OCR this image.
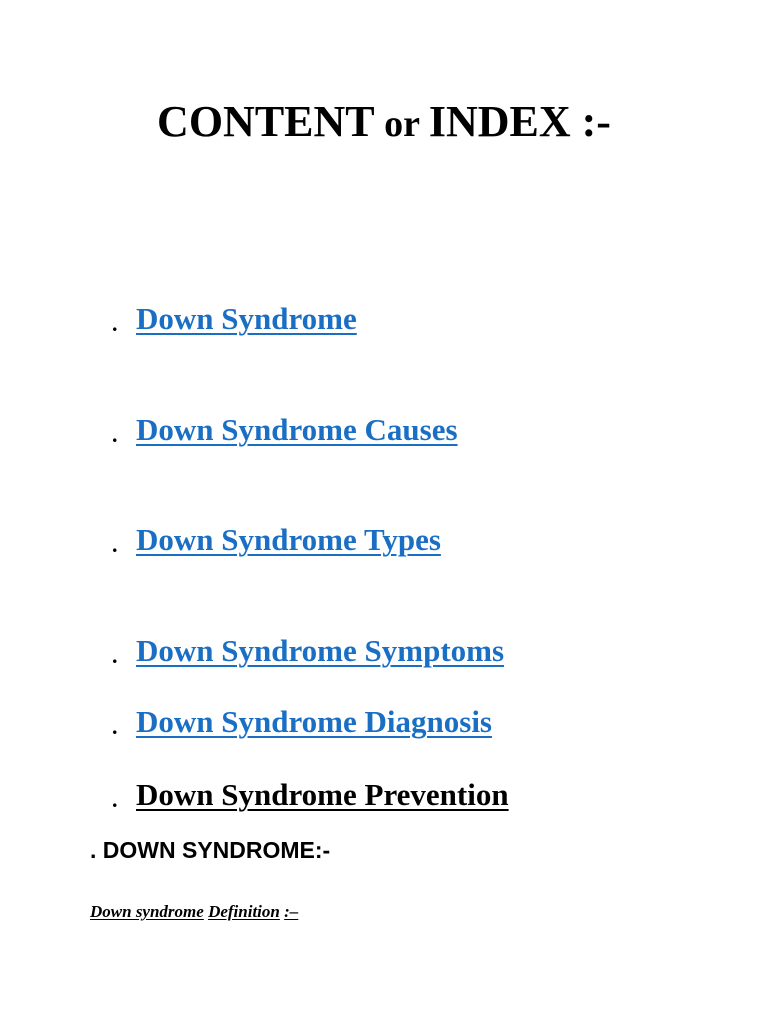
CONTENT or INDEX :-
. Down Syndrome
. Down Syndrome Causes
. Down Syndrome Types
. Down Syndrome Symptoms
. Down Syndrome Diagnosis
. Down Syndrome Prevention
. DOWN SYNDROME:-
Down syndrome Definition :–
